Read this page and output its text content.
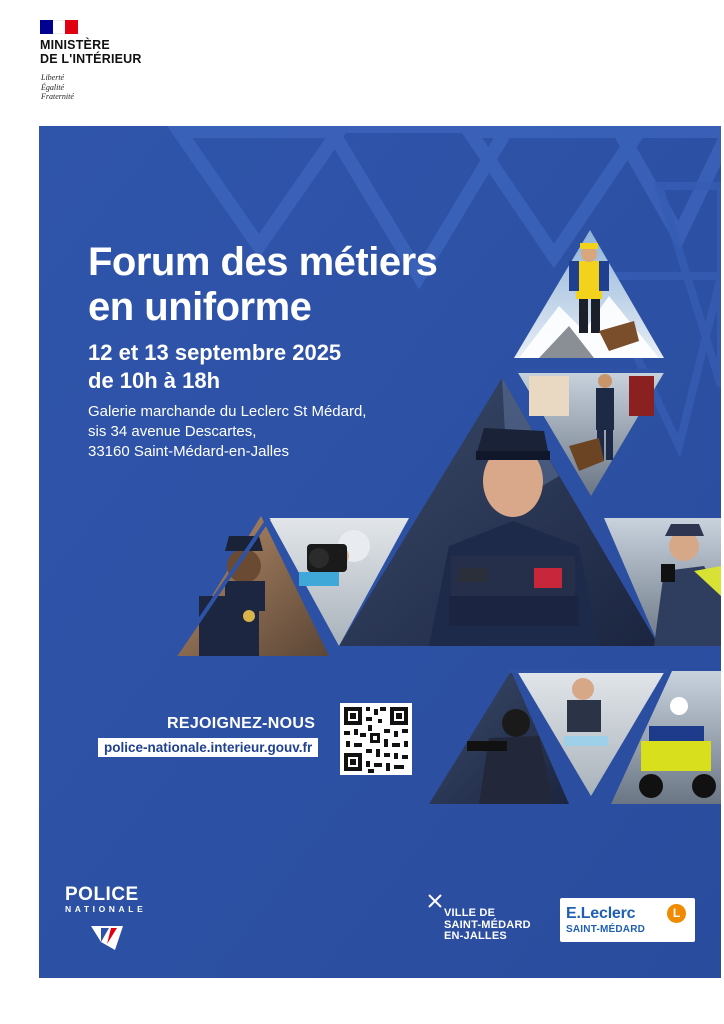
MINISTÈRE
DE L'INTÉRIEUR
Liberté
Égalité
Fraternité
Forum des métiers
en uniforme
12 et 13 septembre 2025
de 10h à 18h
Galerie marchande du Leclerc St Médard,
sis 34 avenue Descartes,
33160 Saint-Médard-en-Jalles
REJOIGNEZ-NOUS
police-nationale.interieur.gouv.fr
POLICE
NATIONALE	VILLE DE
SAINT-MÉDARD
EN-JALLES
E.Leclerc	L
SAINT-MÉDARD
